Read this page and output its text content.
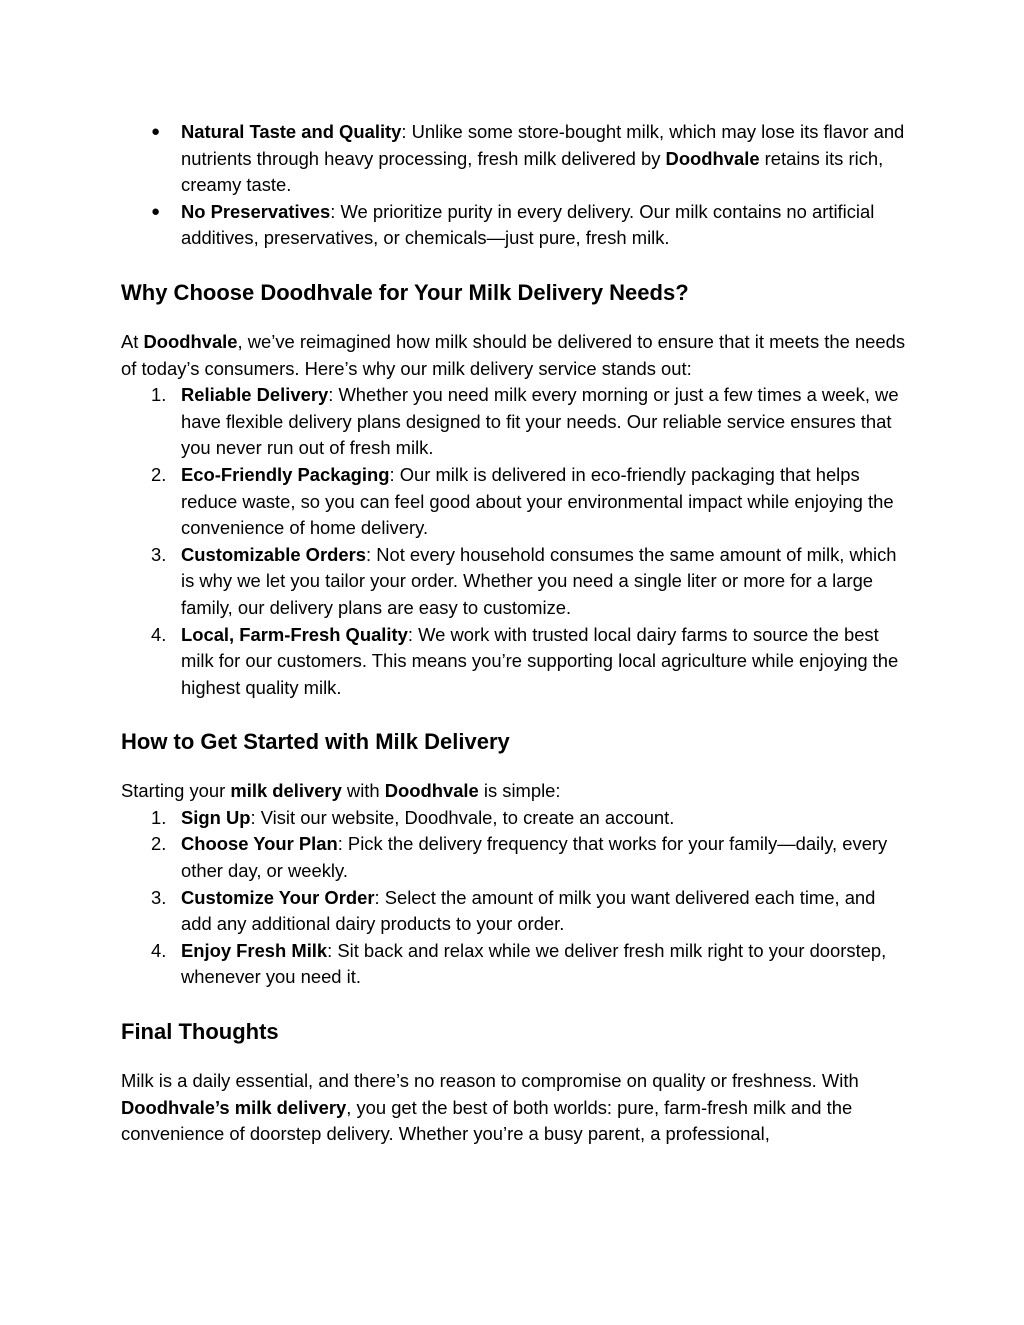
● Natural Taste and Quality: Unlike some store-bought milk, which may lose its flavor and nutrients through heavy processing, fresh milk delivered by Doodhvale retains its rich, creamy taste.
● No Preservatives: We prioritize purity in every delivery. Our milk contains no artificial additives, preservatives, or chemicals—just pure, fresh milk.
Why Choose Doodhvale for Your Milk Delivery Needs?

At Doodhvale, we’ve reimagined how milk should be delivered to ensure that it meets the needs of today’s consumers. Here’s why our milk delivery service stands out:

1. Reliable Delivery: Whether you need milk every morning or just a few times a week, we have flexible delivery plans designed to fit your needs. Our reliable service ensures that you never run out of fresh milk.
2. Eco-Friendly Packaging: Our milk is delivered in eco-friendly packaging that helps reduce waste, so you can feel good about your environmental impact while enjoying the convenience of home delivery.
3. Customizable Orders: Not every household consumes the same amount of milk, which is why we let you tailor your order. Whether you need a single liter or more for a large family, our delivery plans are easy to customize.
4. Local, Farm-Fresh Quality: We work with trusted local dairy farms to source the best milk for our customers. This means you’re supporting local agriculture while enjoying the highest quality milk.
How to Get Started with Milk Delivery

Starting your milk delivery with Doodhvale is simple:

1. Sign Up: Visit our website, Doodhvale, to create an account.
2. Choose Your Plan: Pick the delivery frequency that works for your family—daily, every other day, or weekly.
3. Customize Your Order: Select the amount of milk you want delivered each time, and add any additional dairy products to your order.
4. Enjoy Fresh Milk: Sit back and relax while we deliver fresh milk right to your doorstep, whenever you need it.
Final Thoughts

Milk is a daily essential, and there’s no reason to compromise on quality or freshness. With Doodhvale’s milk delivery, you get the best of both worlds: pure, farm-fresh milk and the convenience of doorstep delivery. Whether you’re a busy parent, a professional,
